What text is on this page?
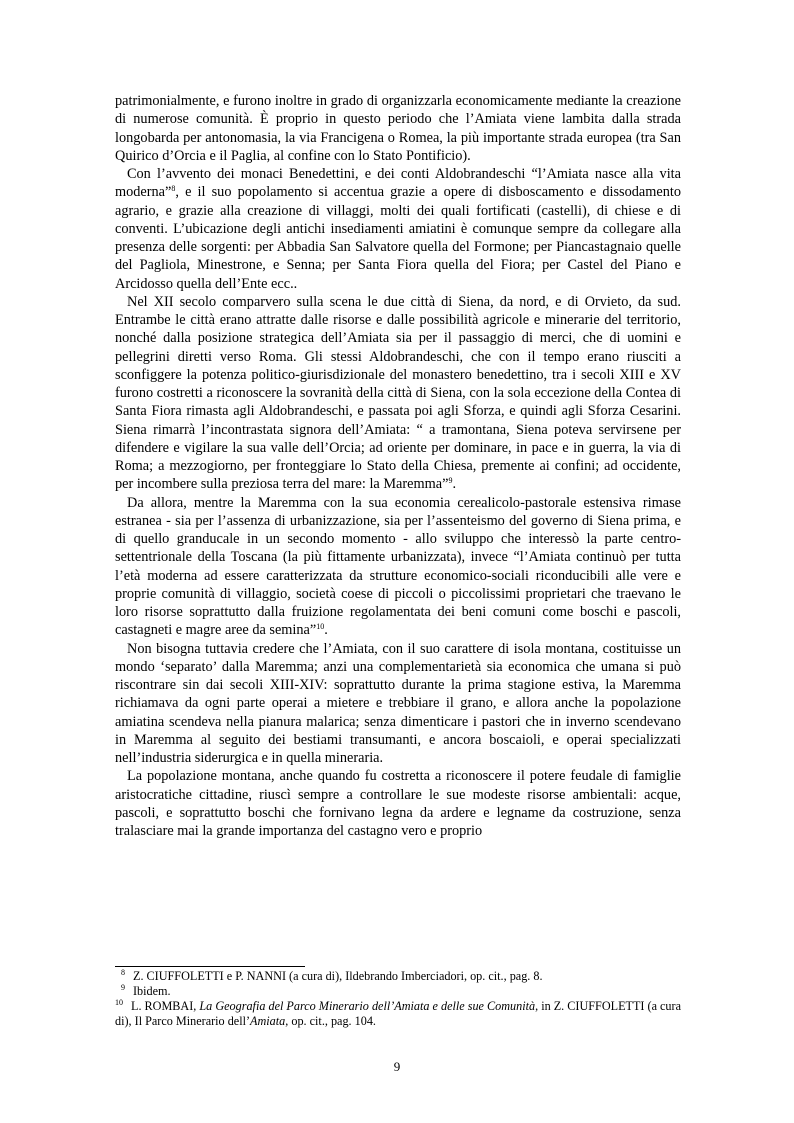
patrimonialmente, e furono inoltre in grado di organizzarla economicamente mediante la creazione di numerose comunità. È proprio in questo periodo che l’Amiata viene lambita dalla strada longobarda per antonomasia, la via Francigena o Romea, la più importante strada europea (tra San Quirico d’Orcia e il Paglia, al confine con lo Stato Pontificio).

Con l’avvento dei monaci Benedettini, e dei conti Aldobrandeschi “l’Amiata nasce alla vita moderna”$^8$, e il suo popolamento si accentua grazie a opere di disboscamento e dissodamento agrario, e grazie alla creazione di villaggi, molti dei quali fortificati (castelli), di chiese e di conventi. L’ubicazione degli antichi insediamenti amiatini è comunque sempre da collegare alla presenza delle sorgenti: per Abbadia San Salvatore quella del Formone; per Piancastagnaio quelle del Pagliola, Minestrone, e Senna; per Santa Fiora quella del Fiora; per Castel del Piano e Arcidosso quella dell’Ente ecc..

Nel XII secolo comparvero sulla scena le due città di Siena, da nord, e di Orvieto, da sud. Entrambe le città erano attratte dalle risorse e dalle possibilità agricole e minerarie del territorio, nonché dalla posizione strategica dell’Amiata sia per il passaggio di merci, che di uomini e pellegrini diretti verso Roma. Gli stessi Aldobrandeschi, che con il tempo erano riusciti a sconfiggere la potenza politico-giurisdizionale del monastero benedettino, tra i secoli XIII e XV furono costretti a riconoscere la sovranità della città di Siena, con la sola eccezione della Contea di Santa Fiora rimasta agli Aldobrandeschi, e passata poi agli Sforza, e quindi agli Sforza Cesarini. Siena rimarrà l’incontrastata signora dell’Amiata: “ a tramontana, Siena poteva servirsene per difendere e vigilare la sua valle dell’Orcia; ad oriente per dominare, in pace e in guerra, la via di Roma; a mezzogiorno, per fronteggiare lo Stato della Chiesa, premente ai confini; ad occidente, per incombere sulla preziosa terra del mare: la Maremma”$^9$.

Da allora, mentre la Maremma con la sua economia cerealicolo-pastorale estensiva rimase estranea - sia per l’assenza di urbanizzazione, sia per l’assenteismo del governo di Siena prima, e di quello granducale in un secondo momento - allo sviluppo che interessò la parte centro-settentrionale della Toscana (la più fittamente urbanizzata), invece “l’Amiata continuò per tutta l’età moderna ad essere caratterizzata da strutture economico-sociali riconducibili alle vere e proprie comunità di villaggio, società coese di piccoli o piccolissimi proprietari che traevano le loro risorse soprattutto dalla fruizione regolamentata dei beni comuni come boschi e pascoli, castagneti e magre aree da semina”$^{10}$.

Non bisogna tuttavia credere che l’Amiata, con il suo carattere di isola montana, costituisse un mondo ‘separato’ dalla Maremma; anzi una complementarietà sia economica che umana si può riscontrare sin dai secoli XIII-XIV: soprattutto durante la prima stagione estiva, la Maremma richiamava da ogni parte operai a mietere e trebbiare il grano, e allora anche la popolazione amiatina scendeva nella pianura malarica; senza dimenticare i pastori che in inverno scendevano in Maremma al seguito dei bestiami transumanti, e ancora boscaioli, e operai specializzati nell’industria siderurgica e in quella mineraria.

La popolazione montana, anche quando fu costretta a riconoscere il potere feudale di famiglie aristocratiche cittadine, riuscì sempre a controllare le sue modeste risorse ambientali: acque, pascoli, e soprattutto boschi che fornivano legna da ardere e legname da costruzione, senza tralasciare mai la grande importanza del castagno vero e proprio

$^8$ Z. CIUFFOLETTI e P. NANNI (a cura di), Ildebrando Imberciadori, op. cit., pag. 8.

$^9$ Ibidem.

$^{10}$ L. ROMBAI, La Geografia del Parco Minerario dell’Amiata e delle sue Comunità, in Z. CIUFFOLETTI (a cura di), Il Parco Minerario dell’Amiata, op. cit., pag. 104.

9
